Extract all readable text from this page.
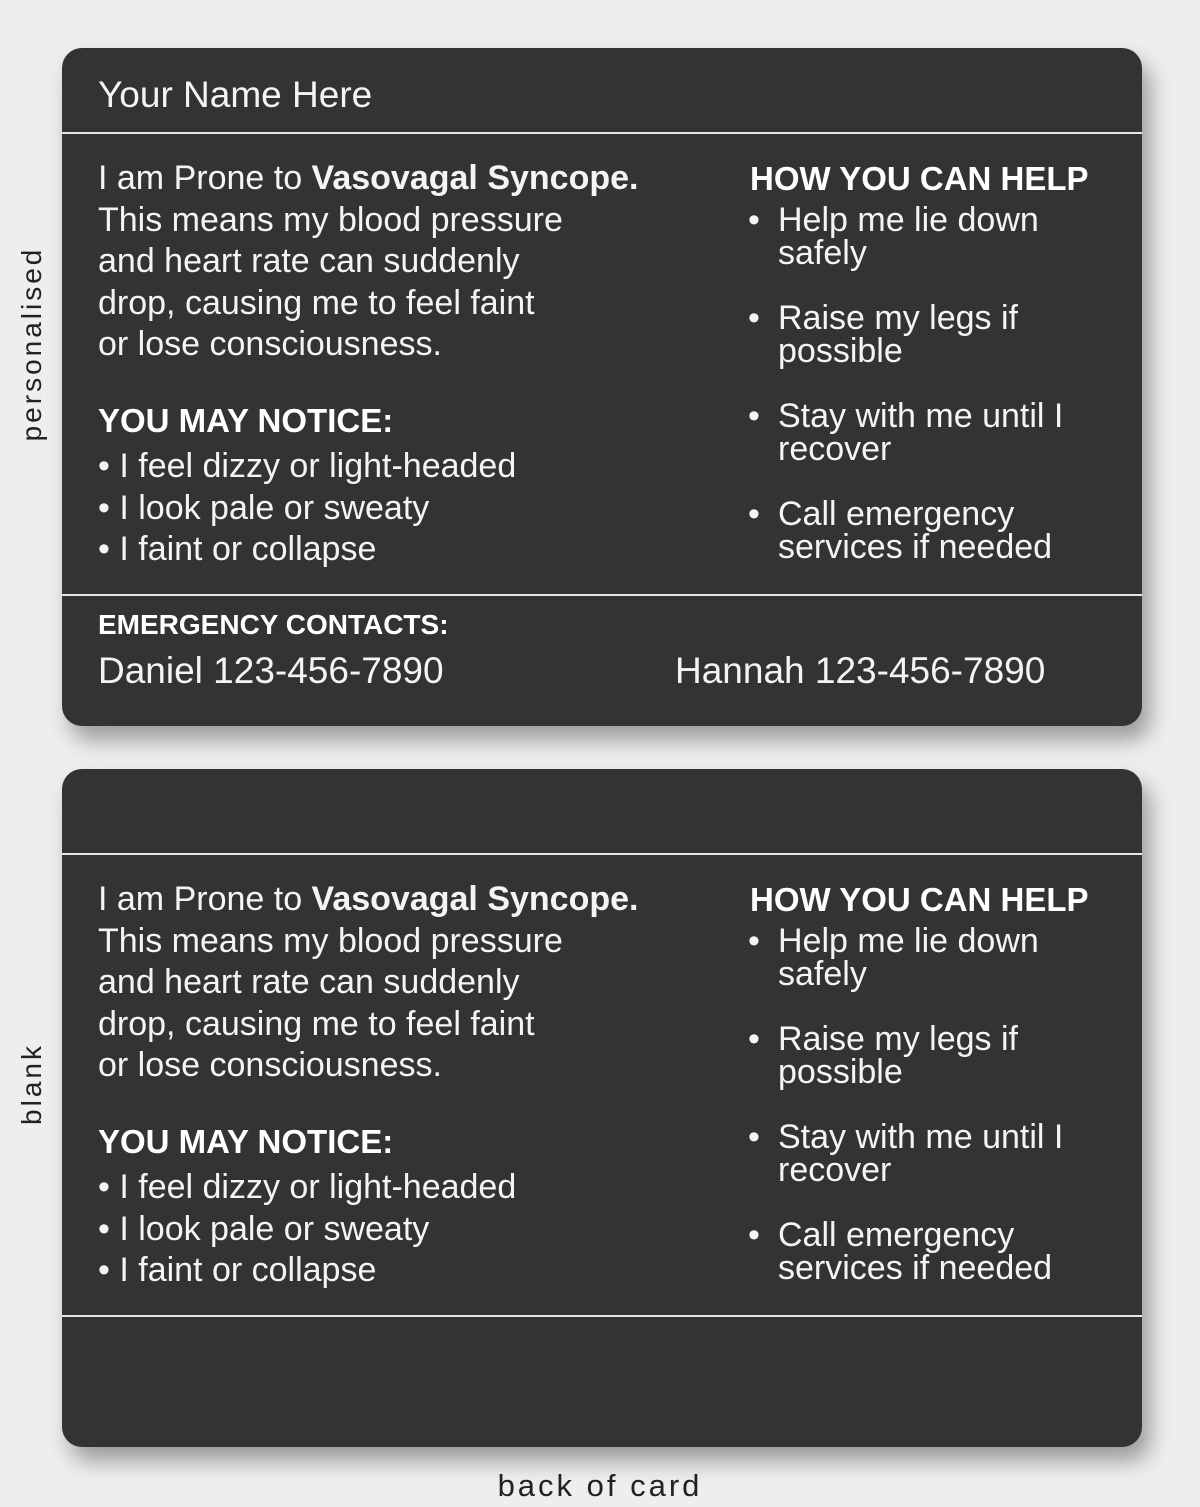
personalised
blank
Your Name Here
I am Prone to Vasovagal Syncope.
This means my blood pressure
and heart rate can suddenly
drop, causing me to feel faint
or lose consciousness.
YOU MAY NOTICE:
• I feel dizzy or light-headed
• I look pale or sweaty
• I faint or collapse
HOW YOU CAN HELP
• Help me lie down safely
• Raise my legs if possible
• Stay with me until I recover
• Call emergency services if needed
EMERGENCY CONTACTS:
Daniel 123-456-7890	Hannah 123-456-7890
I am Prone to Vasovagal Syncope.
This means my blood pressure
and heart rate can suddenly
drop, causing me to feel faint
or lose consciousness.
YOU MAY NOTICE:
• I feel dizzy or light-headed
• I look pale or sweaty
• I faint or collapse
HOW YOU CAN HELP
• Help me lie down safely
• Raise my legs if possible
• Stay with me until I recover
• Call emergency services if needed
back of card
